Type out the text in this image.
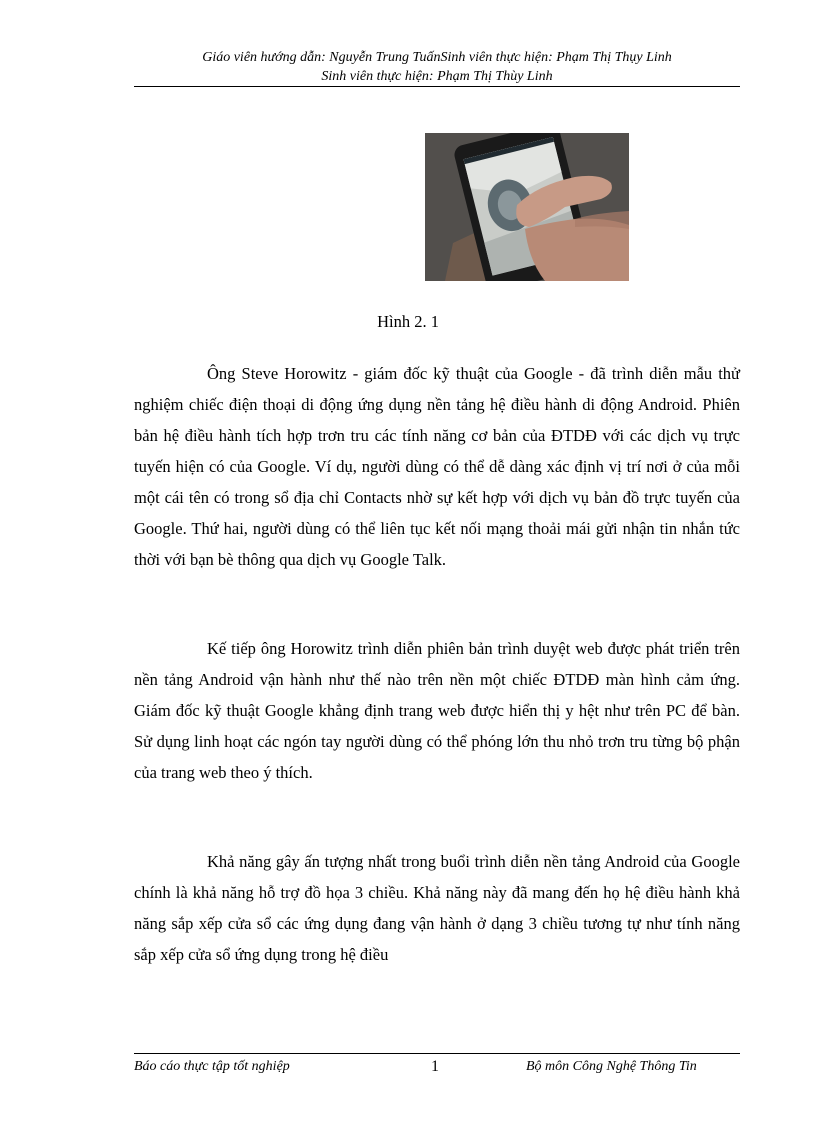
Giáo viên hướng dẫn: Nguyễn Trung TuấnSinh viên thực hiện: Phạm Thị Thụy Linh
Sinh viên thực hiện: Phạm Thị Thùy Linh
Hình 2. 1

Ông Steve Horowitz - giám đốc kỹ thuật của Google - đã trình diễn mẫu thử nghiệm chiếc điện thoại di động ứng dụng nền tảng hệ điều hành di động Android. Phiên bản hệ điều hành tích hợp trơn tru các tính năng cơ bản của ĐTDĐ với các dịch vụ trực tuyến hiện có của Google. Ví dụ, người dùng có thể dễ dàng xác định vị trí nơi ở của mỗi một cái tên có trong sổ địa chỉ Contacts nhờ sự kết hợp với dịch vụ bản đồ trực tuyến của Google. Thứ hai, người dùng có thể liên tục kết nối mạng thoải mái gửi nhận tin nhắn tức thời với bạn bè thông qua dịch vụ Google Talk.

Kế tiếp ông Horowitz trình diễn phiên bản trình duyệt web được phát triển trên nền tảng Android vận hành như thế nào trên nền một chiếc ĐTDĐ màn hình cảm ứng. Giám đốc kỹ thuật Google khẳng định trang web được hiển thị y hệt như trên PC để bàn. Sử dụng linh hoạt các ngón tay người dùng có thể phóng lớn thu nhỏ trơn tru từng bộ phận của trang web theo ý thích.

Khả năng gây ấn tượng nhất trong buổi trình diễn nền tảng Android của Google chính là khả năng hỗ trợ đồ họa 3 chiều. Khả năng này đã mang đến họ hệ điều hành khả năng sắp xếp cửa sổ các ứng dụng đang vận hành ở dạng 3 chiều tương tự như tính năng sắp xếp cửa sổ ứng dụng trong hệ điều

Báo cáo thực tập tốt nghiệp	1	Bộ môn Công Nghệ Thông Tin
